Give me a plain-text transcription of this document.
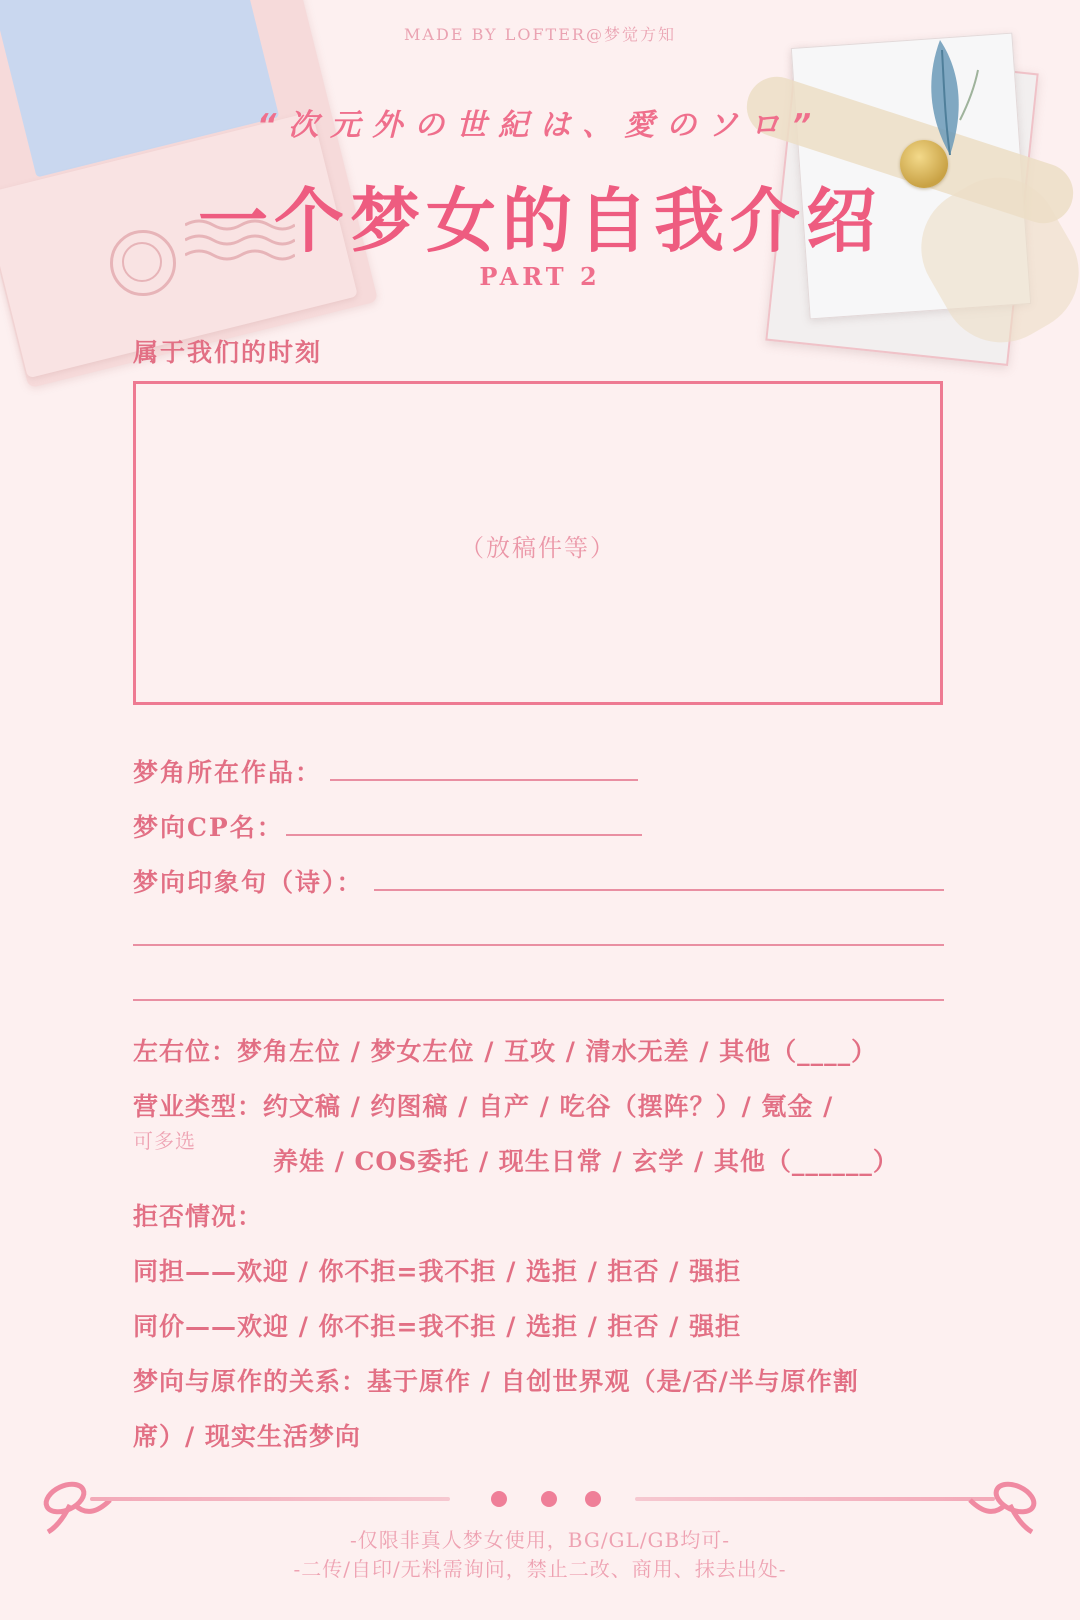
MADE BY LOFTER@梦觉方知
“次元外の世紀は、愛のソロ”
一个梦女的自我介绍
PART 2
属于我们的时刻
（放稿件等）
梦角所在作品：
梦向CP名：
梦向印象句（诗）：
左右位：梦角左位 / 梦女左位 / 互攻 / 清水无差 / 其他（____）
营业类型：约文稿 / 约图稿 / 自产 / 吃谷（摆阵？）/ 氪金 /
可多选
养娃 / COS委托 / 现生日常 / 玄学 / 其他（______）
拒否情况：
同担——欢迎 / 你不拒=我不拒 / 选拒 / 拒否 / 强拒
同价——欢迎 / 你不拒=我不拒 / 选拒 / 拒否 / 强拒
梦向与原作的关系：基于原作 / 自创世界观（是/否/半与原作割
席）/ 现实生活梦向
-仅限非真人梦女使用，BG/GL/GB均可-
-二传/自印/无料需询问，禁止二改、商用、抹去出处-
